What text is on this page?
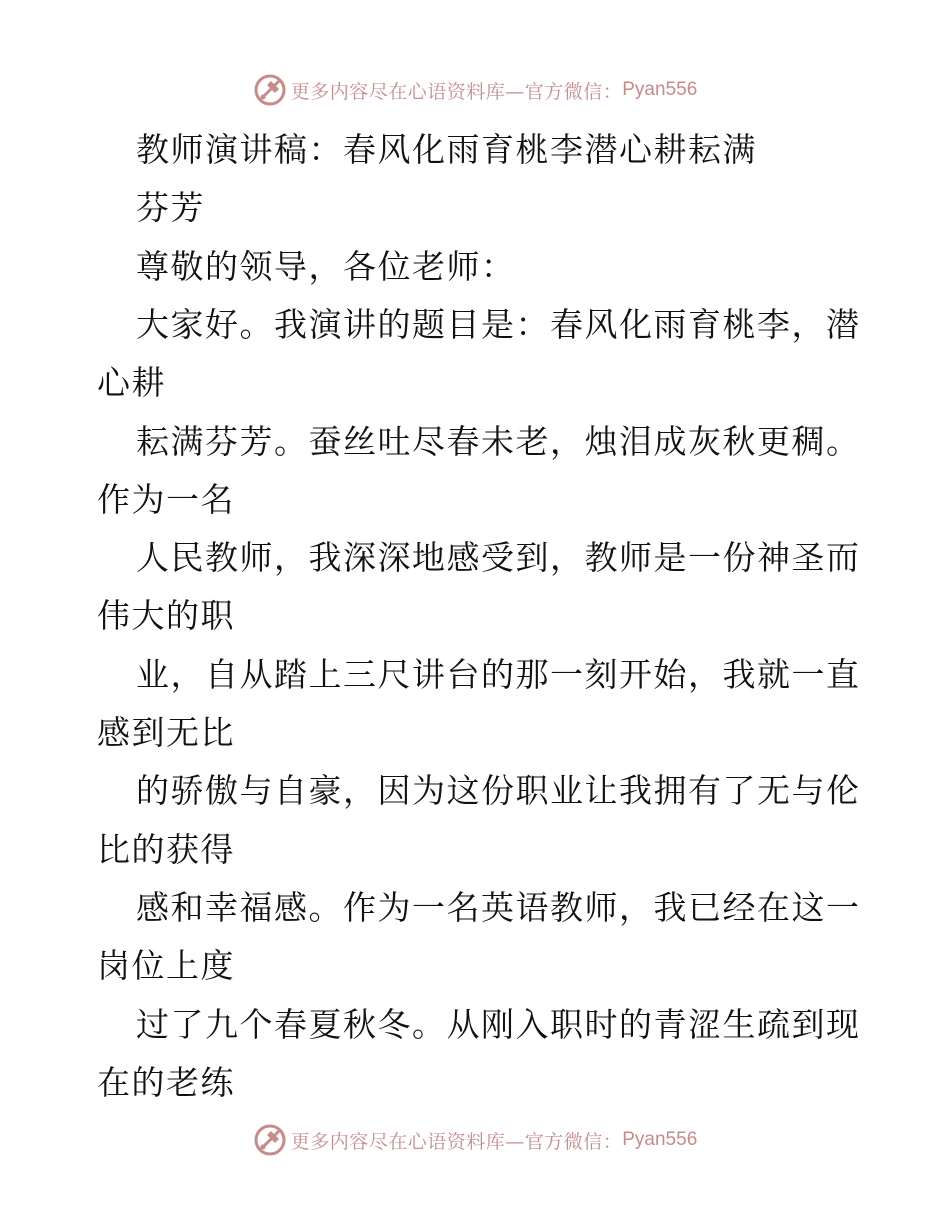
更多内容尽在心语资料库—官方微信： Pyan556
教师演讲稿：春风化雨育桃李潜心耕耘满
芬芳
尊敬的领导，各位老师：
大家好。我演讲的题目是：春风化雨育桃李，潜
心耕
耘满芬芳。蚕丝吐尽春未老，烛泪成灰秋更稠。
作为一名
人民教师，我深深地感受到，教师是一份神圣而
伟大的职
业，自从踏上三尺讲台的那一刻开始，我就一直
感到无比
的骄傲与自豪，因为这份职业让我拥有了无与伦
比的获得
感和幸福感。作为一名英语教师，我已经在这一
岗位上度
过了九个春夏秋冬。从刚入职时的青涩生疏到现
在的老练
更多内容尽在心语资料库—官方微信： Pyan556
